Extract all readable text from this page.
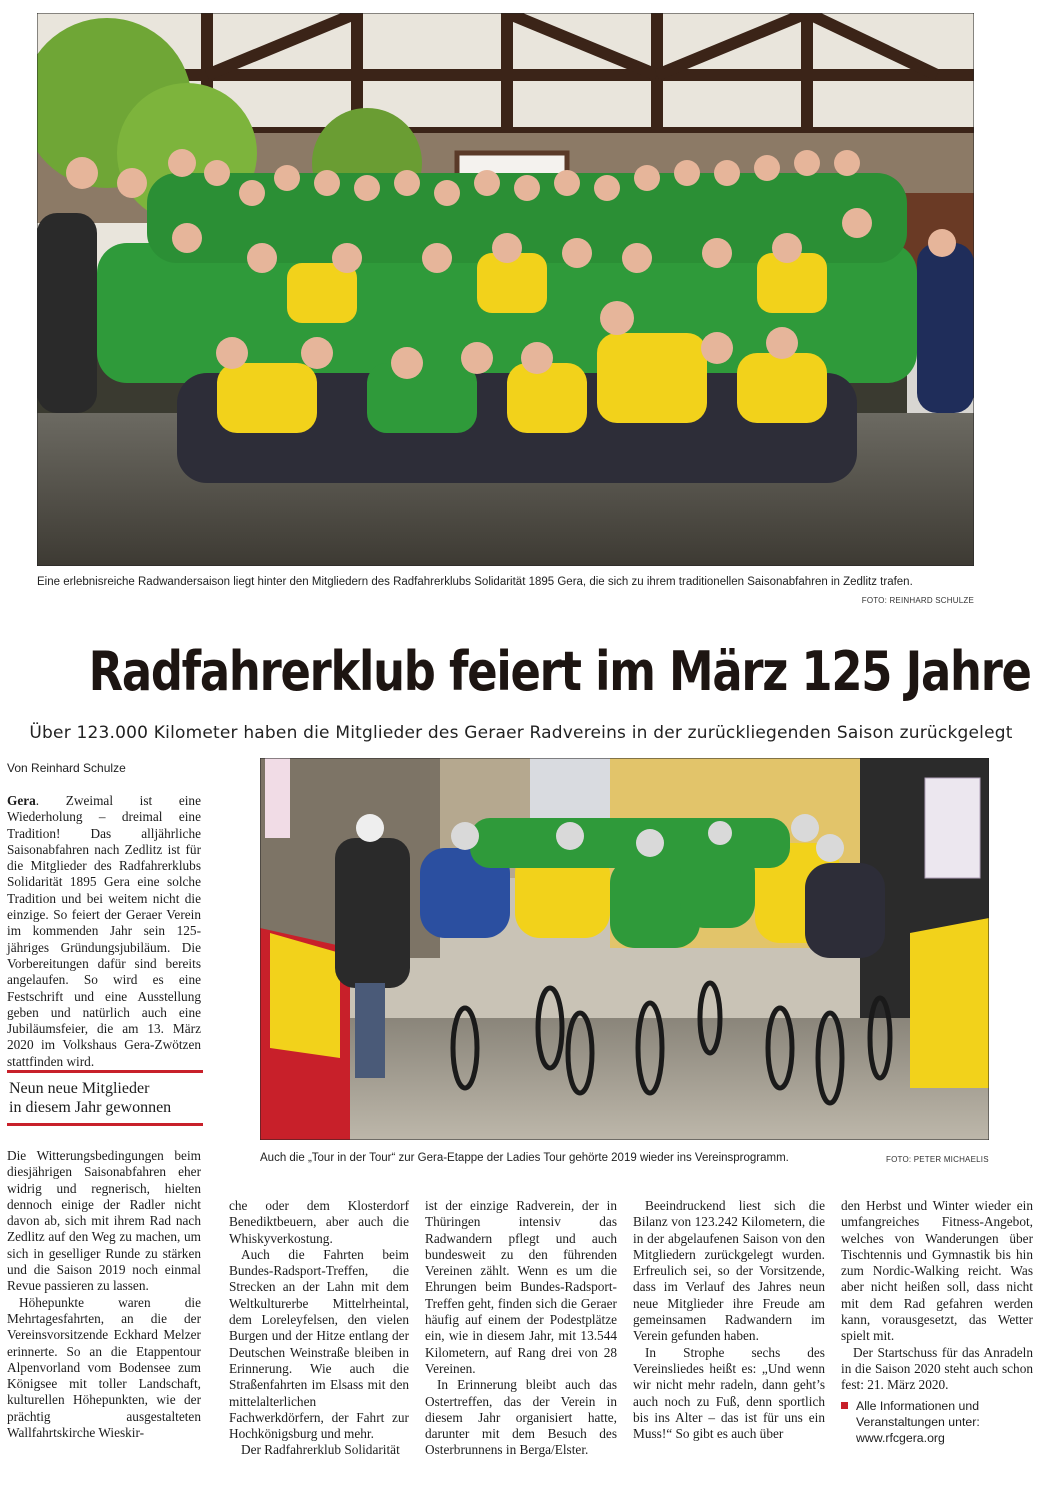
Eine erlebnisreiche Radwandersaison liegt hinter den Mitgliedern des Radfahrerklubs Solidarität 1895 Gera, die sich zu ihrem traditionellen Saisonabfahren in Zedlitz trafen.
FOTO: REINHARD SCHULZE
Radfahrerklub feiert im März 125 Jahre
Über 123.000 Kilometer haben die Mitglieder des Geraer Radvereins in der zurückliegenden Saison zurückgelegt
Von Reinhard Schulze

Gera. Zweimal ist eine Wiederholung – dreimal eine Tradition! Das alljährliche Saisonabfahren nach Zedlitz ist für die Mitglieder des Radfahrerklubs Solidarität 1895 Gera eine solche Tradition und bei weitem nicht die einzige. So feiert der Geraer Verein im kommenden Jahr sein 125-jähriges Gründungsjubiläum. Die Vorbereitungen dafür sind bereits angelaufen. So wird es eine Festschrift und eine Ausstellung geben und natürlich auch eine Jubiläumsfeier, die am 13. März 2020 im Volkshaus Gera-Zwötzen stattfinden wird.

Neun neue Mitglieder
in diesem Jahr gewonnen

Die Witterungsbedingungen beim diesjährigen Saisonabfahren eher widrig und regnerisch, hielten dennoch einige der Radler nicht davon ab, sich mit ihrem Rad nach Zedlitz auf den Weg zu machen, um sich in geselliger Runde zu stärken und die Saison 2019 noch einmal Revue passieren zu lassen.

Höhepunkte waren die Mehrtagesfahrten, an die der Vereinsvorsitzende Eckhard Melzer erinnerte. So an die Etappentour Alpenvorland vom Bodensee zum Königsee mit toller Landschaft, kulturellen Höhepunkten, wie der prächtig ausgestalteten Wallfahrtskirche Wieskir-

Auch die „Tour in der Tour“ zur Gera-Etappe der Ladies Tour gehörte 2019 wieder ins Vereinsprogramm.	FOTO: PETER MICHAELIS

che oder dem Klosterdorf Benediktbeuern, aber auch die Whiskyverkostung.

Auch die Fahrten beim Bundes-Radsport-Treffen, die Strecken an der Lahn mit dem Weltkulturerbe Mittelrheintal, dem Loreleyfelsen, den vielen Burgen und der Hitze entlang der Deutschen Weinstraße bleiben in Erinnerung. Wie auch die Straßenfahrten im Elsass mit den mittelalterlichen Fachwerkdörfern, der Fahrt zur Hochkönigsburg und mehr.

Der Radfahrerklub Solidarität

ist der einzige Radverein, der in Thüringen intensiv das Radwandern pflegt und auch bundesweit zu den führenden Vereinen zählt. Wenn es um die Ehrungen beim Bundes-Radsport-Treffen geht, finden sich die Geraer häufig auf einem der Podestplätze ein, wie in diesem Jahr, mit 13.544 Kilometern, auf Rang drei von 28 Vereinen.

In Erinnerung bleibt auch das Ostertreffen, das der Verein in diesem Jahr organisiert hatte, darunter mit dem Besuch des Osterbrunnens in Berga/Elster.

Beeindruckend liest sich die Bilanz von 123.242 Kilometern, die in der abgelaufenen Saison von den Mitgliedern zurückgelegt wurden. Erfreulich sei, so der Vorsitzende, dass im Verlauf des Jahres neun neue Mitglieder ihre Freude am gemeinsamen Radwandern im Verein gefunden haben.

In Strophe sechs des Vereinsliedes heißt es: „Und wenn wir nicht mehr radeln, dann geht’s auch noch zu Fuß, denn sportlich bis ins Alter – das ist für uns ein Muss!“ So gibt es auch über

den Herbst und Winter wieder ein umfangreiches Fitness-Angebot, welches von Wanderungen über Tischtennis und Gymnastik bis hin zum Nordic-Walking reicht. Was aber nicht heißen soll, dass nicht mit dem Rad gefahren werden kann, vorausgesetzt, das Wetter spielt mit.

Der Startschuss für das Anradeln in die Saison 2020 steht auch schon fest: 21. März 2020.

Alle Informationen und
Veranstaltungen unter:
www.rfcgera.org
